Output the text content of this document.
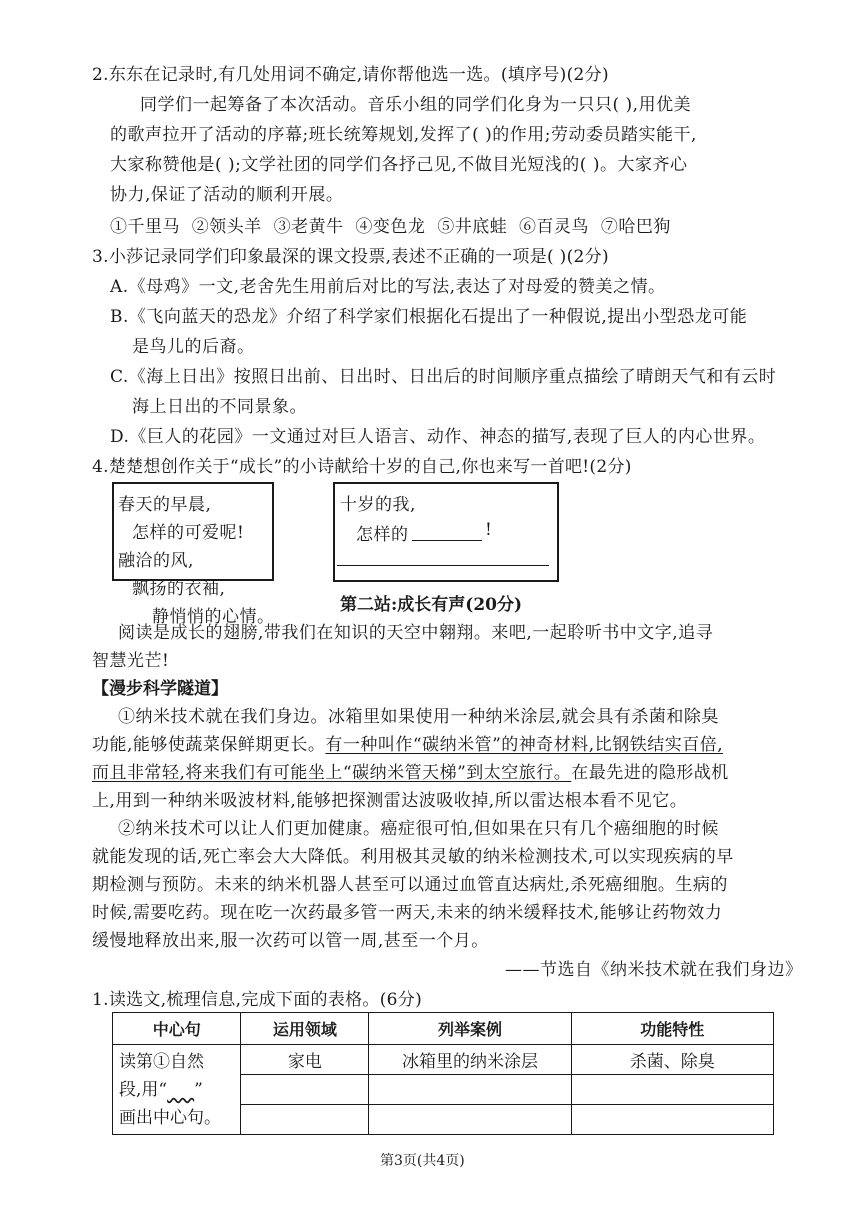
2.东东在记录时,有几处用词不确定,请你帮他选一选。(填序号)(2分)
同学们一起筹备了本次活动。音乐小组的同学们化身为一只只( ),用优美
的歌声拉开了活动的序幕;班长统筹规划,发挥了( )的作用;劳动委员踏实能干,
大家称赞他是( );文学社团的同学们各抒己见,不做目光短浅的( )。大家齐心
协力,保证了活动的顺利开展。
①千里马  ②领头羊  ③老黄牛  ④变色龙  ⑤井底蛙  ⑥百灵鸟  ⑦哈巴狗
3.小莎记录同学们印象最深的课文投票,表述不正确的一项是( )(2分)
A.《母鸡》一文,老舍先生用前后对比的写法,表达了对母爱的赞美之情。
B.《飞向蓝天的恐龙》介绍了科学家们根据化石提出了一种假说,提出小型恐龙可能
是鸟儿的后裔。
C.《海上日出》按照日出前、日出时、日出后的时间顺序重点描绘了晴朗天气和有云时
海上日出的不同景象。
D.《巨人的花园》一文通过对巨人语言、动作、神态的描写,表现了巨人的内心世界。
4.楚楚想创作关于“成长”的小诗献给十岁的自己,你也来写一首吧!(2分)
春天的早晨,
怎样的可爱呢!
融洽的风,
飘扬的衣袖,
静悄悄的心情。
十岁的我,
怎样的	!
第二站:成长有声(20分)
阅读是成长的翅膀,带我们在知识的天空中翱翔。来吧,一起聆听书中文字,追寻
智慧光芒!
【漫步科学隧道】
①纳米技术就在我们身边。冰箱里如果使用一种纳米涂层,就会具有杀菌和除臭
功能,能够使蔬菜保鲜期更长。有一种叫作“碳纳米管”的神奇材料,比钢铁结实百倍,
而且非常轻,将来我们有可能坐上“碳纳米管天梯”到太空旅行。在最先进的隐形战机
上,用到一种纳米吸波材料,能够把探测雷达波吸收掉,所以雷达根本看不见它。
②纳米技术可以让人们更加健康。癌症很可怕,但如果在只有几个癌细胞的时候
就能发现的话,死亡率会大大降低。利用极其灵敏的纳米检测技术,可以实现疾病的早
期检测与预防。未来的纳米机器人甚至可以通过血管直达病灶,杀死癌细胞。生病的
时候,需要吃药。现在吃一次药最多管一两天,未来的纳米缓释技术,能够让药物效力
缓慢地释放出来,服一次药可以管一周,甚至一个月。
——节选自《纳米技术就在我们身边》
1.读选文,梳理信息,完成下面的表格。(6分)
中心句	运用领域	列举案例	功能特性

读第①自然
段,用“ ”
画出中心句。	家电	冰箱里的纳米涂层	杀菌、除臭

第3页(共4页)
